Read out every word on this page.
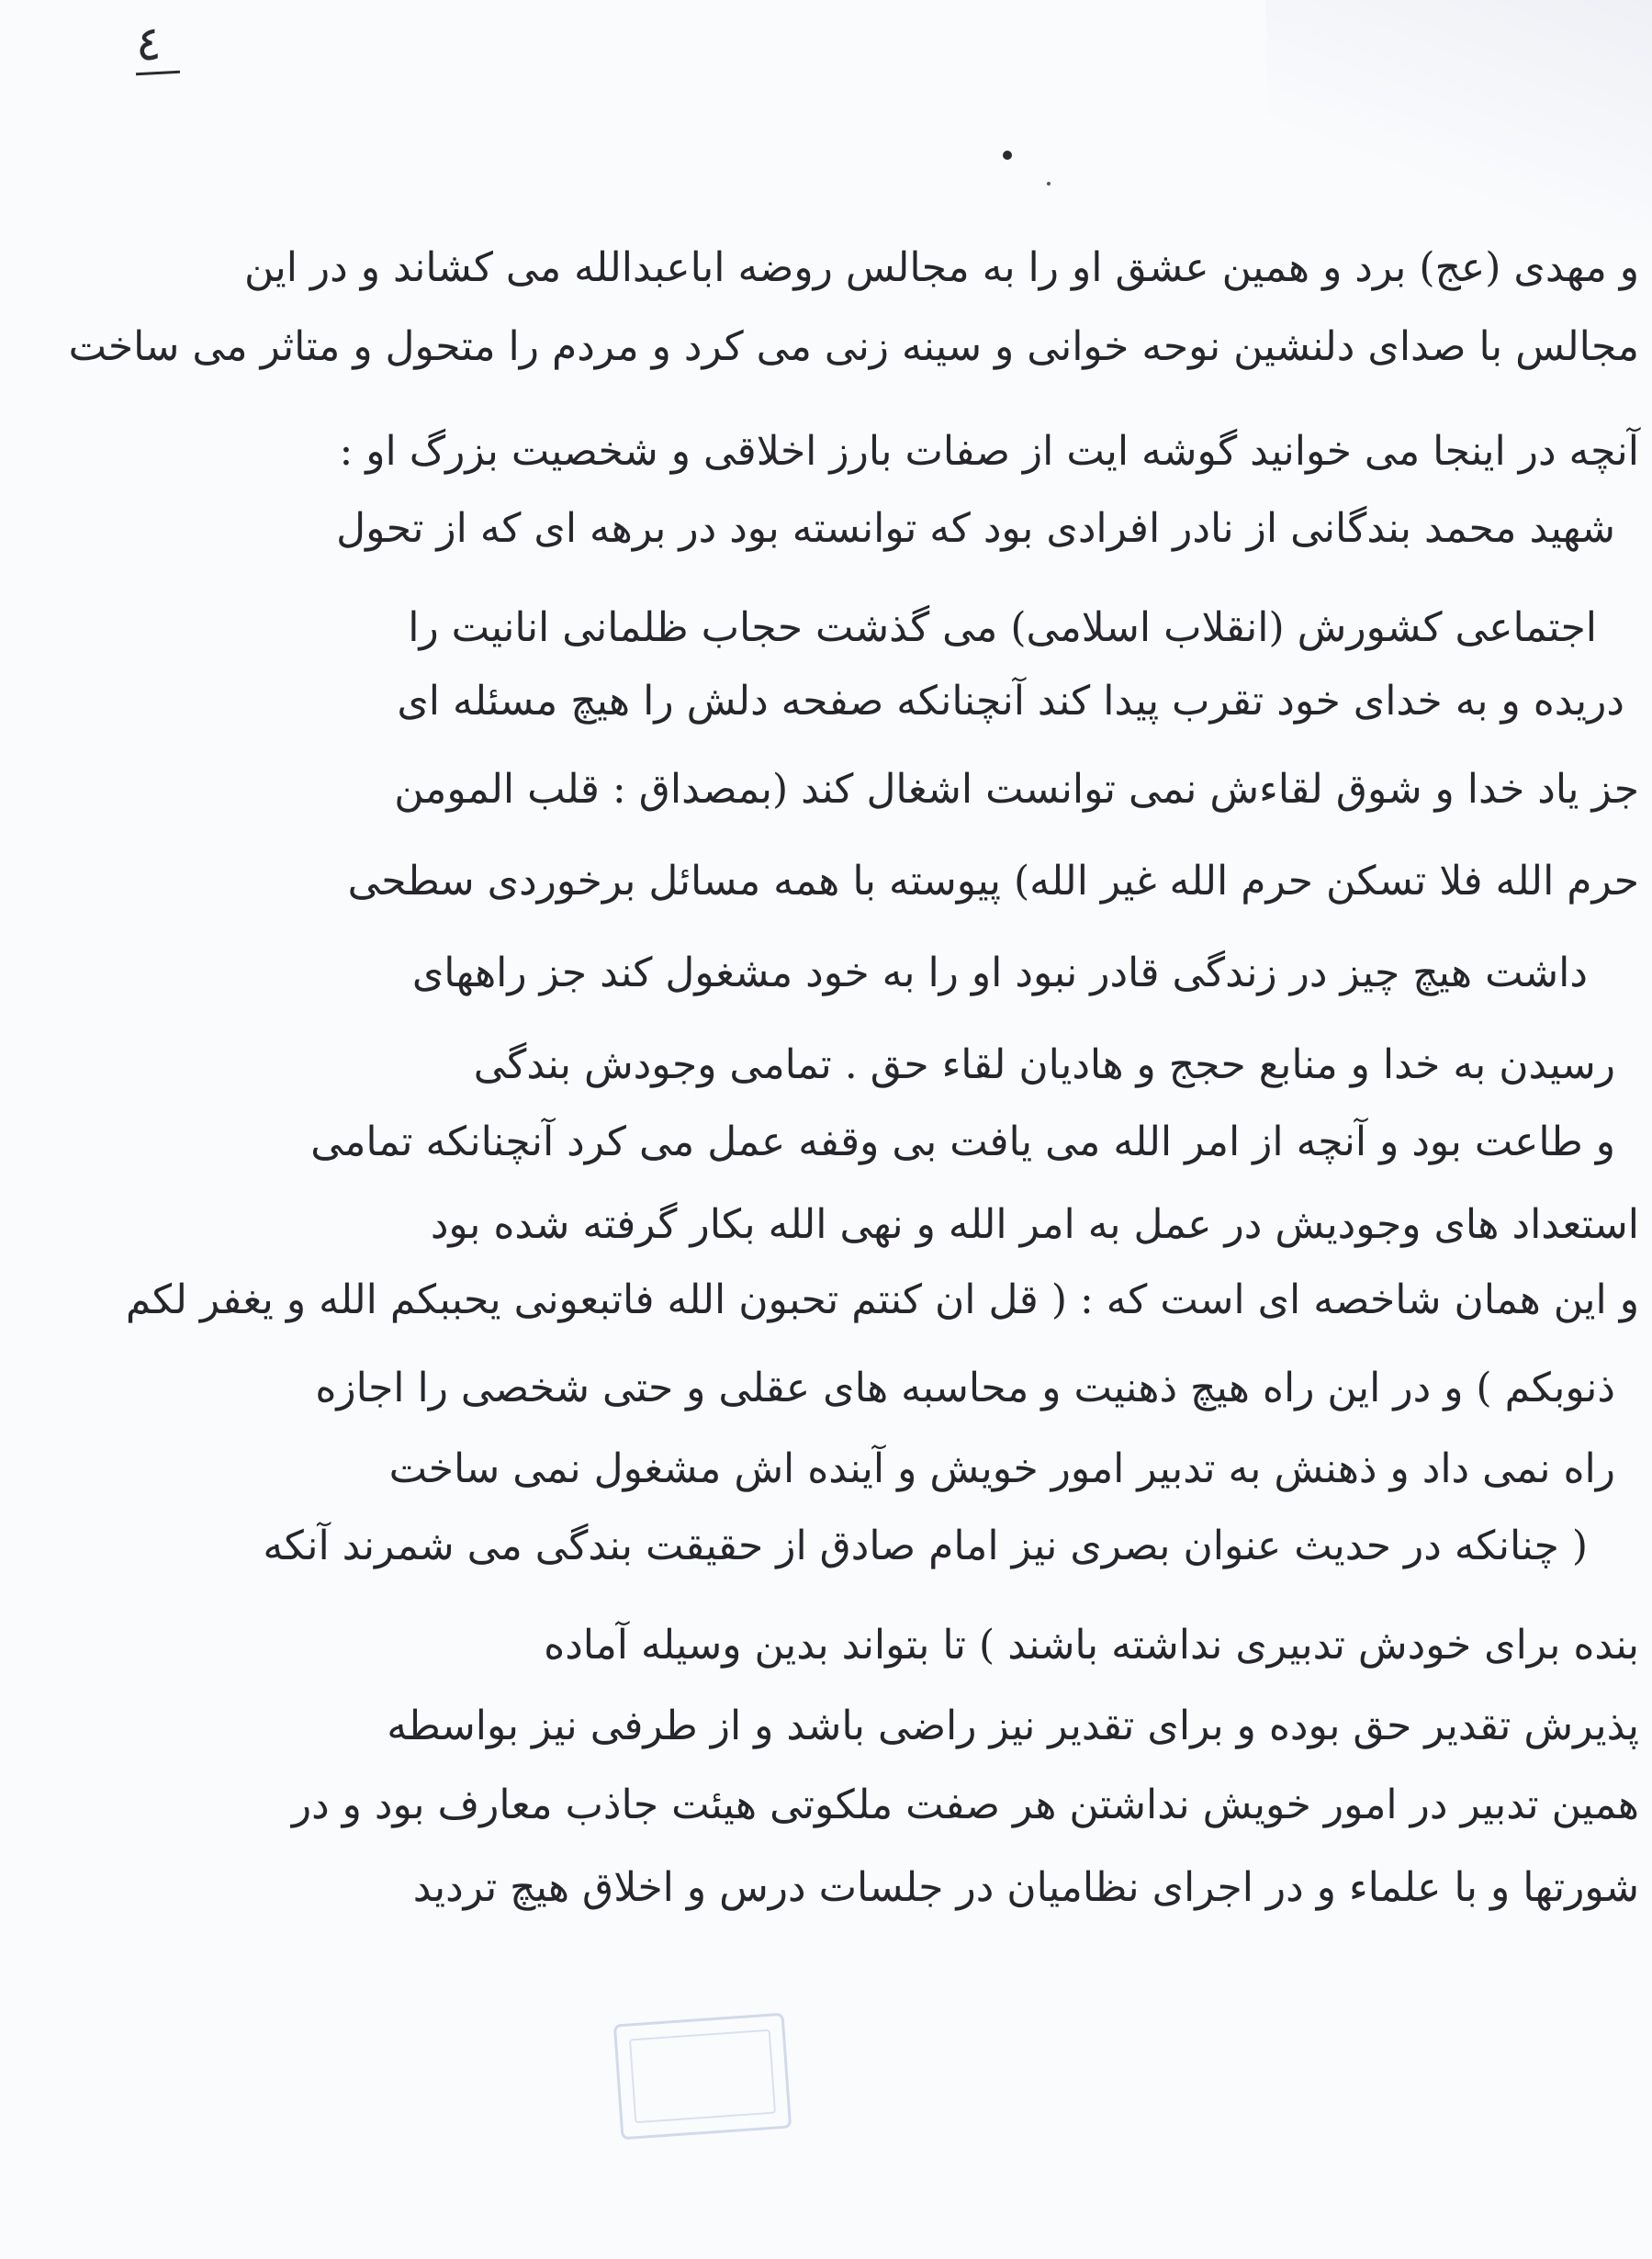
٤
و مهدی (عج) برد و همین عشق او را به مجالس روضه اباعبدالله می کشاند و در این
مجالس با صدای دلنشین نوحه خوانی و سینه زنی می کرد و مردم را متحول و متاثر می ساخت
آنچه در اینجا می خوانید گوشه ایت از صفات بارز اخلاقی و شخصیت بزرگ او :
شهید محمد بندگانی از نادر افرادی بود که توانسته بود در برهه ای که از تحول
اجتماعی کشورش (انقلاب اسلامی) می گذشت حجاب ظلمانی انانیت را
دریده و به خدای خود تقرب پیدا کند آنچنانکه صفحه دلش را هیچ مسئله ای
جز یاد خدا و شوق لقاءش نمی توانست اشغال کند (بمصداق : قلب المومن
حرم الله فلا تسکن حرم الله غیر الله) پیوسته با همه مسائل برخوردی سطحی
داشت هیچ چیز در زندگی قادر نبود او را به خود مشغول کند جز راههای
رسیدن به خدا و منابع حجج و هادیان لقاء حق . تمامی وجودش بندگی
و طاعت بود و آنچه از امر الله می یافت بی وقفه عمل می کرد آنچنانکه تمامی
استعداد های وجودیش در عمل به امر الله و نهی الله بکار گرفته شده بود
و این همان شاخصه ای است که : ( قل ان کنتم تحبون الله فاتبعونی یحببکم الله و یغفر لکم
ذنوبکم ) و در این راه هیچ ذهنیت و محاسبه های عقلی و حتی شخصی را اجازه
راه نمی داد و ذهنش به تدبیر امور خویش و آینده اش مشغول نمی ساخت
( چنانکه در حدیث عنوان بصری نیز امام صادق از حقیقت بندگی می شمرند آنکه
بنده برای خودش تدبیری نداشته باشند ) تا بتواند بدین وسیله آماده
پذیرش تقدیر حق بوده و برای تقدیر نیز راضی باشد و از طرفی نیز بواسطه
همین تدبیر در امور خویش نداشتن هر صفت ملکوتی هیئت جاذب معارف بود و در
شورتها و با علماء و در اجرای نظامیان در جلسات درس و اخلاق هیچ تردید
